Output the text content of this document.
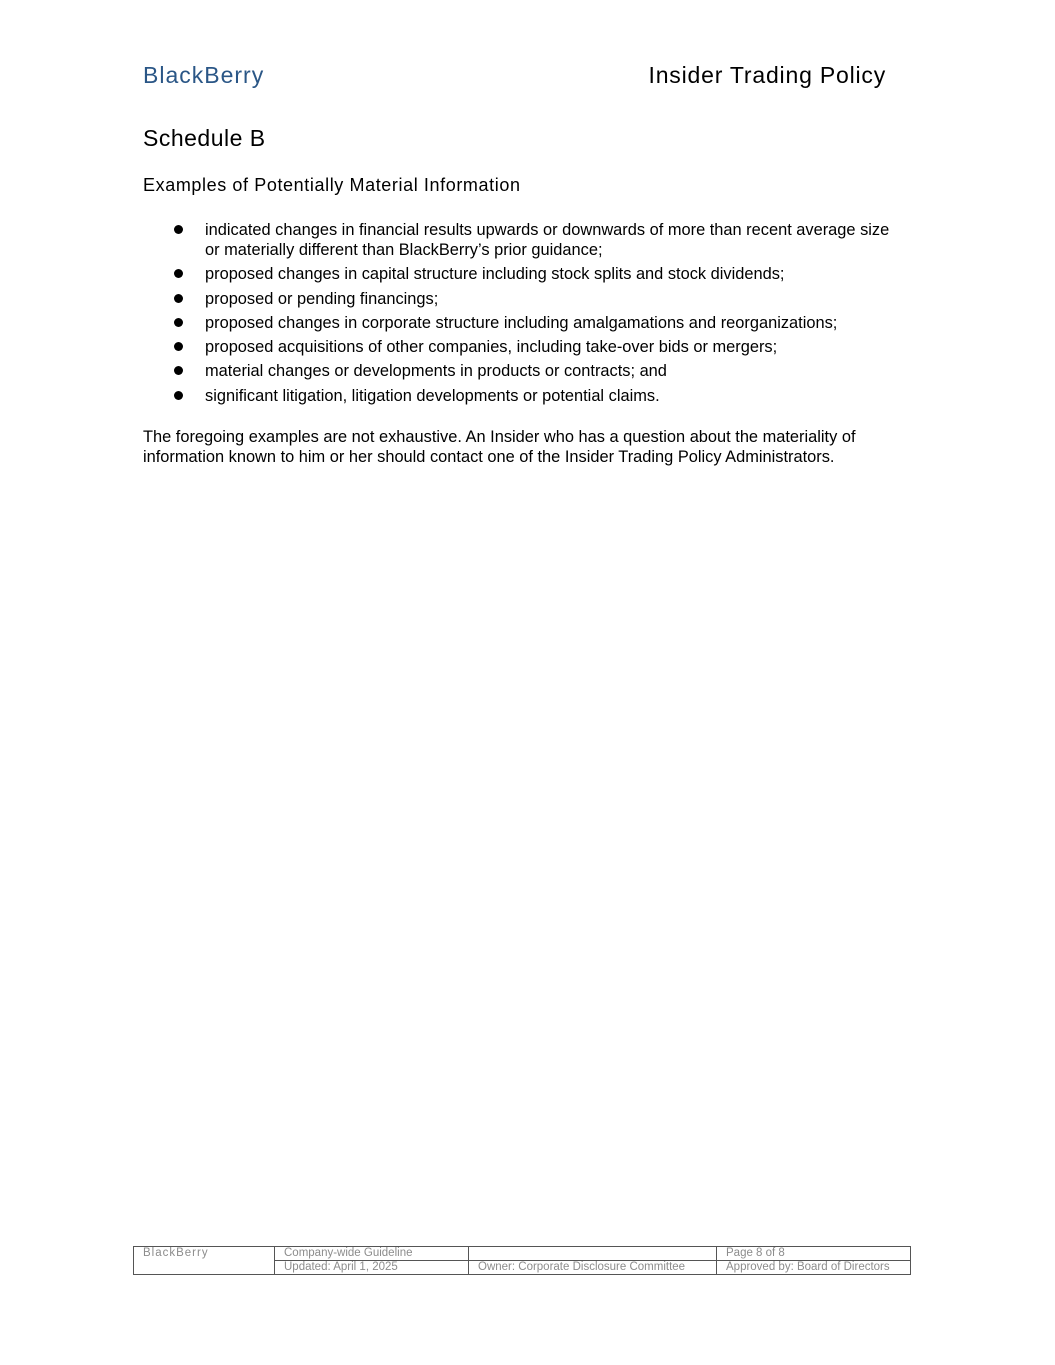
BlackBerry	Insider Trading Policy
Schedule B
Examples of Potentially Material Information
indicated changes in financial results upwards or downwards of more than recent average size or materially different than BlackBerry’s prior guidance;
proposed changes in capital structure including stock splits and stock dividends;
proposed or pending financings;
proposed changes in corporate structure including amalgamations and reorganizations;
proposed acquisitions of other companies, including take-over bids or mergers;
material changes or developments in products or contracts; and
significant litigation, litigation developments or potential claims.

The foregoing examples are not exhaustive. An Insider who has a question about the materiality of information known to him or her should contact one of the Insider Trading Policy Administrators.

BlackBerry	Company-wide Guideline		Page 8 of 8
	Updated: April 1, 2025	Owner: Corporate Disclosure Committee	Approved by: Board of Directors
